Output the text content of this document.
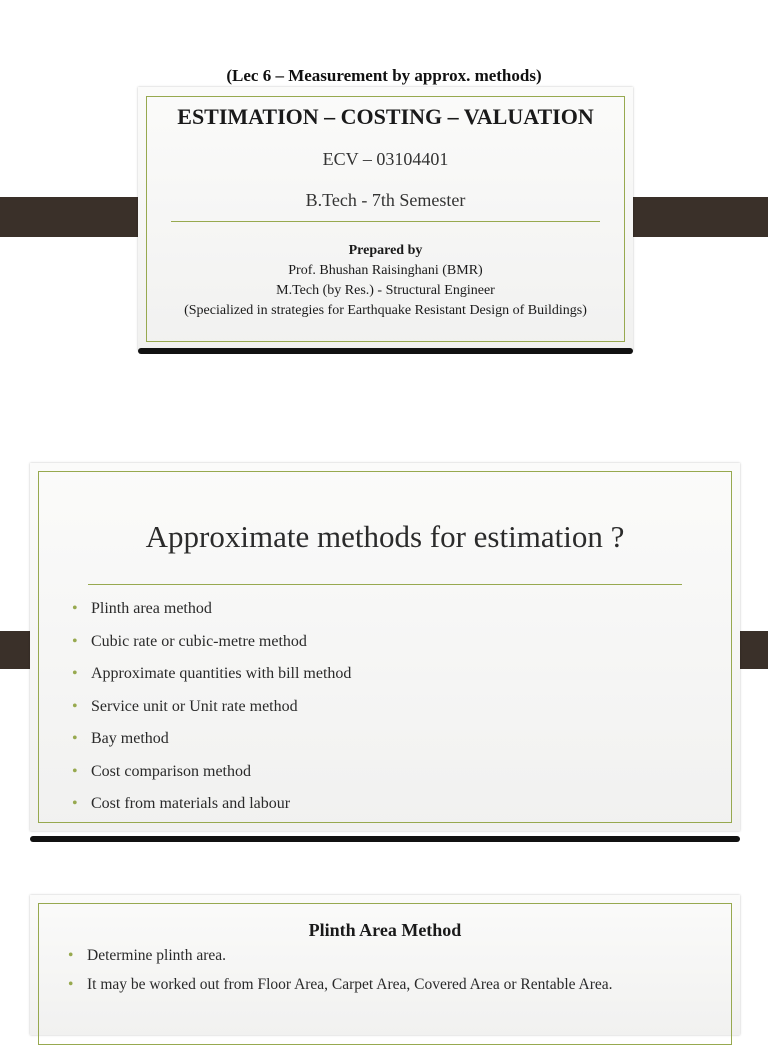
(Lec 6 – Measurement by approx. methods)
ESTIMATION – COSTING – VALUATION
ECV – 03104401
B.Tech - 7th Semester
Prepared by
Prof. Bhushan Raisinghani (BMR)
M.Tech (by Res.) - Structural Engineer
(Specialized in strategies for Earthquake Resistant Design of Buildings)
Approximate methods for estimation ?
• Plinth area method
• Cubic rate or cubic-metre method
• Approximate quantities with bill method
• Service unit or Unit rate method
• Bay method
• Cost comparison method
• Cost from materials and labour
Plinth Area Method
• Determine plinth area.
• It may be worked out from Floor Area, Carpet Area, Covered Area or Rentable Area.
